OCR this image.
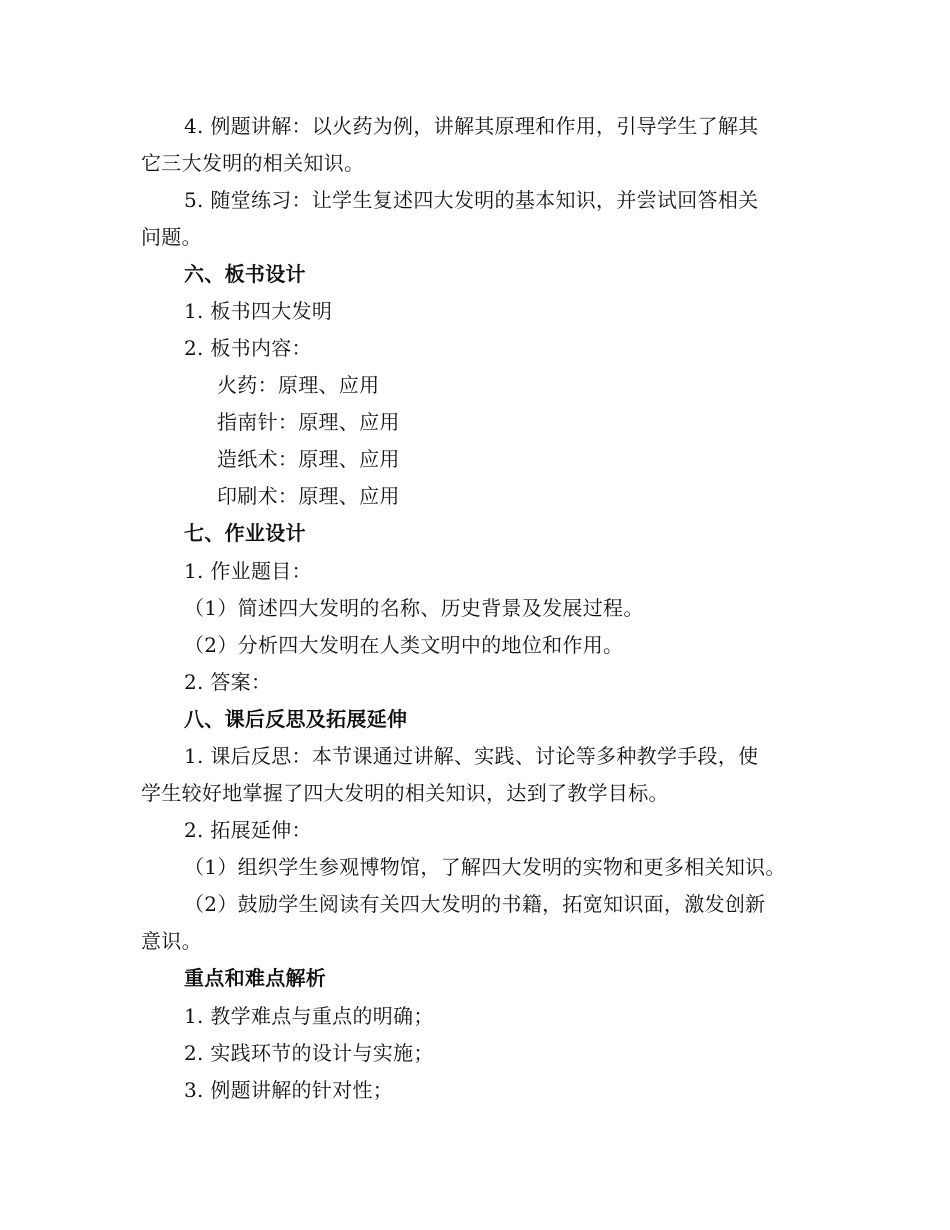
4. 例题讲解：以火药为例，讲解其原理和作用，引导学生了解其
它三大发明的相关知识。
5. 随堂练习：让学生复述四大发明的基本知识，并尝试回答相关
问题。
六、板书设计
1. 板书四大发明
2. 板书内容：
火药：原理、应用
指南针：原理、应用
造纸术：原理、应用
印刷术：原理、应用
七、作业设计
1. 作业题目：
（1）简述四大发明的名称、历史背景及发展过程。
（2）分析四大发明在人类文明中的地位和作用。
2. 答案：
八、课后反思及拓展延伸
1. 课后反思：本节课通过讲解、实践、讨论等多种教学手段，使
学生较好地掌握了四大发明的相关知识，达到了教学目标。
2. 拓展延伸：
（1）组织学生参观博物馆，了解四大发明的实物和更多相关知识。
（2）鼓励学生阅读有关四大发明的书籍，拓宽知识面，激发创新
意识。
重点和难点解析
1. 教学难点与重点的明确；
2. 实践环节的设计与实施；
3. 例题讲解的针对性；
